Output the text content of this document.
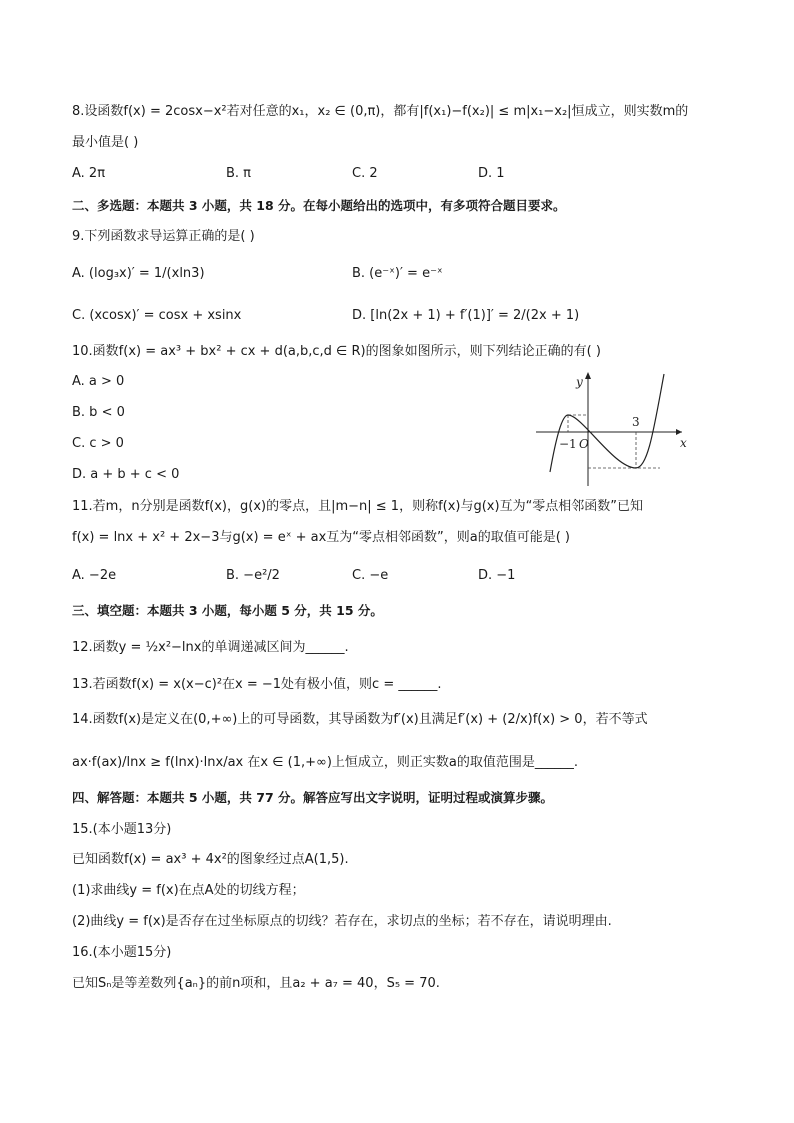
8.设函数f(x) = 2cosx−x²若对任意的x₁，x₂ ∈ (0,π)，都有|f(x₁)−f(x₂)| ≤ m|x₁−x₂|恒成立，则实数m的
最小值是( )
A. 2π	B. π	C. 2	D. 1
二、多选题：本题共 3 小题，共 18 分。在每小题给出的选项中，有多项符合题目要求。
9.下列函数求导运算正确的是( )
A. (log₃x)′ = 1/(xln3)	B. (e⁻ˣ)′ = e⁻ˣ
C. (xcosx)′ = cosx + xsinx	D. [ln(2x + 1) + f′(1)]′ = 2/(2x + 1)
10.函数f(x) = ax³ + bx² + cx + d(a,b,c,d ∈ R)的图象如图所示，则下列结论正确的有( )
A. a > 0
B. b < 0
C. c > 0
D. a + b + c < 0
y
x
−1 O
3
11.若m，n分别是函数f(x)，g(x)的零点，且|m−n| ≤ 1，则称f(x)与g(x)互为“零点相邻函数”已知
f(x) = lnx + x² + 2x−3与g(x) = eˣ + ax互为“零点相邻函数”，则a的取值可能是( )
A. −2e	B. −e²/2	C. −e	D. −1
三、填空题：本题共 3 小题，每小题 5 分，共 15 分。
12.函数y = ½x²−lnx的单调递减区间为______.
13.若函数f(x) = x(x−c)²在x = −1处有极小值，则c = ______.
14.函数f(x)是定义在(0,+∞)上的可导函数，其导函数为f′(x)且满足f′(x) + (2/x)f(x) > 0，若不等式
ax·f(ax)/lnx ≥ f(lnx)·lnx/ax 在x ∈ (1,+∞)上恒成立，则正实数a的取值范围是______.
四、解答题：本题共 5 小题，共 77 分。解答应写出文字说明，证明过程或演算步骤。
15.(本小题13分)
已知函数f(x) = ax³ + 4x²的图象经过点A(1,5).
(1)求曲线y = f(x)在点A处的切线方程；
(2)曲线y = f(x)是否存在过坐标原点的切线？若存在，求切点的坐标；若不存在，请说明理由.
16.(本小题15分)
已知Sₙ是等差数列{aₙ}的前n项和，且a₂ + a₇ = 40，S₅ = 70.
